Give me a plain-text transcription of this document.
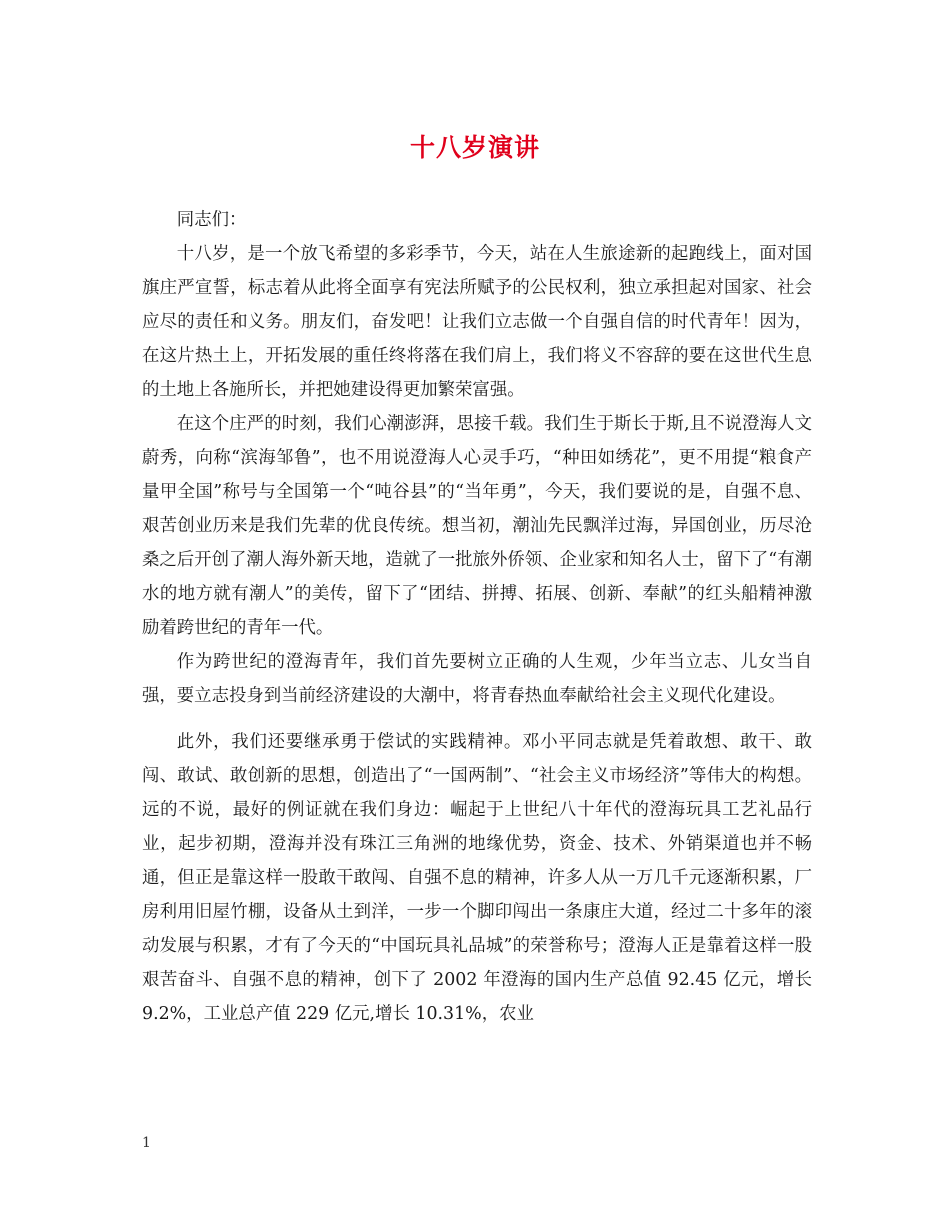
十八岁演讲

同志们：

十八岁，是一个放飞希望的多彩季节，今天，站在人生旅途新的起跑线上，面对国旗庄严宣誓，标志着从此将全面享有宪法所赋予的公民权利，独立承担起对国家、社会应尽的责任和义务。朋友们，奋发吧！让我们立志做一个自强自信的时代青年！因为，在这片热土上，开拓发展的重任终将落在我们肩上，我们将义不容辞的要在这世代生息的土地上各施所长，并把她建设得更加繁荣富强。

在这个庄严的时刻，我们心潮澎湃，思接千载。我们生于斯长于斯,且不说澄海人文蔚秀，向称“滨海邹鲁”，也不用说澄海人心灵手巧，“种田如绣花”，更不用提“粮食产量甲全国”称号与全国第一个“吨谷县”的“当年勇”，今天，我们要说的是，自强不息、艰苦创业历来是我们先辈的优良传统。想当初，潮汕先民飘洋过海，异国创业，历尽沧桑之后开创了潮人海外新天地，造就了一批旅外侨领、企业家和知名人士，留下了“有潮水的地方就有潮人”的美传，留下了“团结、拼搏、拓展、创新、奉献”的红头船精神激励着跨世纪的青年一代。

作为跨世纪的澄海青年，我们首先要树立正确的人生观，少年当立志、儿女当自强，要立志投身到当前经济建设的大潮中，将青春热血奉献给社会主义现代化建设。

此外，我们还要继承勇于偿试的实践精神。邓小平同志就是凭着敢想、敢干、敢闯、敢试、敢创新的思想，创造出了“一国两制”、“社会主义市场经济”等伟大的构想。远的不说，最好的例证就在我们身边：崛起于上世纪八十年代的澄海玩具工艺礼品行业，起步初期，澄海并没有珠江三角洲的地缘优势，资金、技术、外销渠道也并不畅通，但正是靠这样一股敢干敢闯、自强不息的精神，许多人从一万几千元逐渐积累，厂房利用旧屋竹棚，设备从土到洋，一步一个脚印闯出一条康庄大道，经过二十多年的滚动发展与积累，才有了今天的“中国玩具礼品城”的荣誉称号；澄海人正是靠着这样一股艰苦奋斗、自强不息的精神，创下了 2002 年澄海的国内生产总值 92.45 亿元，增长 9.2%，工业总产值 229 亿元,增长 10.31%，农业

1
